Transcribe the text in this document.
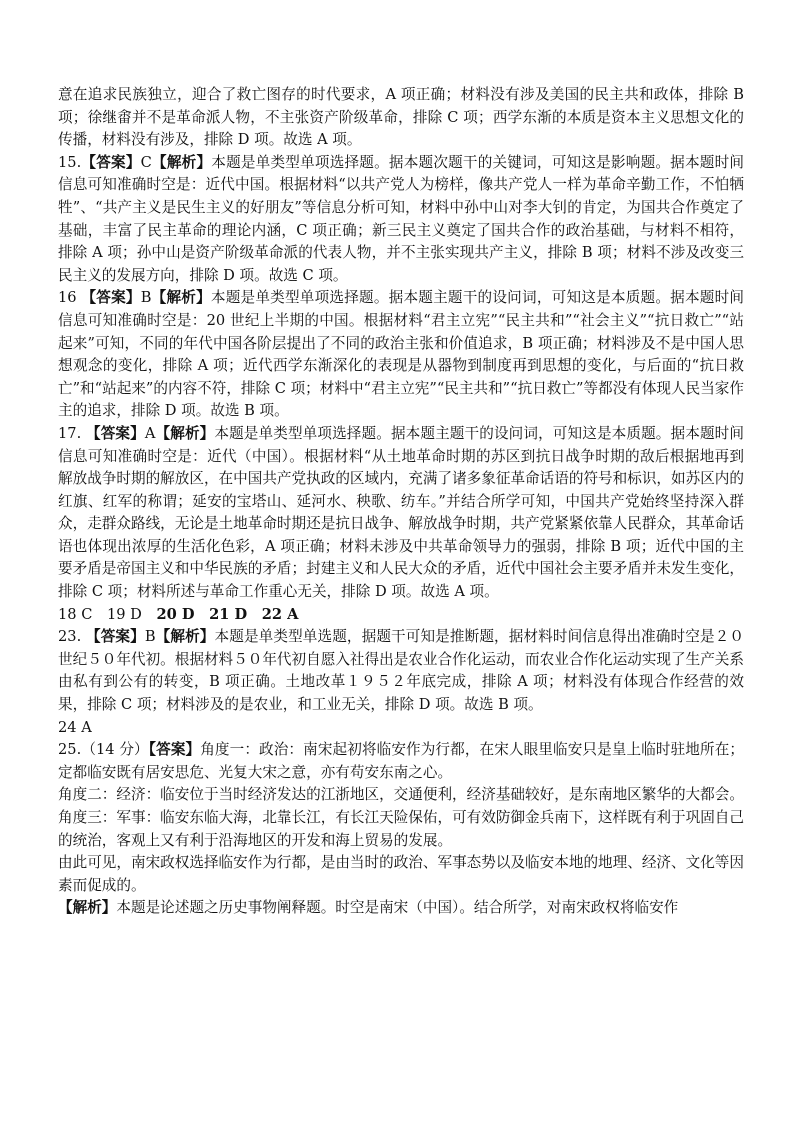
意在追求民族独立，迎合了救亡图存的时代要求，A 项正确；材料没有涉及美国的民主共和政体，排除 B 项；徐继畬并不是革命派人物，不主张资产阶级革命，排除 C 项；西学东渐的本质是资本主义思想文化的传播，材料没有涉及，排除 D 项。故选 A 项。

15.【答案】C【解析】本题是单类型单项选择题。据本题次题干的关键词，可知这是影响题。据本题时间信息可知准确时空是：近代中国。根据材料“以共产党人为榜样，像共产党人一样为革命辛勤工作，不怕牺牲”、“共产主义是民生主义的好朋友”等信息分析可知，材料中孙中山对李大钊的肯定，为国共合作奠定了基础，丰富了民主革命的理论内涵，C 项正确；新三民主义奠定了国共合作的政治基础，与材料不相符，排除 A 项；孙中山是资产阶级革命派的代表人物，并不主张实现共产主义，排除 B 项；材料不涉及改变三民主义的发展方向，排除 D 项。故选 C 项。

16 【答案】B【解析】本题是单类型单项选择题。据本题主题干的设问词，可知这是本质题。据本题时间信息可知准确时空是：20 世纪上半期的中国。根据材料“君主立宪”“民主共和”“社会主义”“抗日救亡”“站起来”可知，不同的年代中国各阶层提出了不同的政治主张和价值追求，B 项正确；材料涉及不是中国人思想观念的变化，排除 A 项；近代西学东渐深化的表现是从器物到制度再到思想的变化，与后面的“抗日救亡”和“站起来”的内容不符，排除 C 项；材料中“君主立宪”“民主共和”“抗日救亡”等都没有体现人民当家作主的追求，排除 D 项。故选 B 项。

17. 【答案】A【解析】本题是单类型单项选择题。据本题主题干的设问词，可知这是本质题。据本题时间信息可知准确时空是：近代（中国）。根据材料“从土地革命时期的苏区到抗日战争时期的敌后根据地再到解放战争时期的解放区，在中国共产党执政的区域内，充满了诸多象征革命话语的符号和标识，如苏区内的红旗、红军的称谓；延安的宝塔山、延河水、秧歌、纺车。”并结合所学可知，中国共产党始终坚持深入群众，走群众路线，无论是土地革命时期还是抗日战争、解放战争时期，共产党紧紧依靠人民群众，其革命话语也体现出浓厚的生活化色彩，A 项正确；材料未涉及中共革命领导力的强弱，排除 B 项；近代中国的主要矛盾是帝国主义和中华民族的矛盾；封建主义和人民大众的矛盾，近代中国社会主要矛盾并未发生变化，排除 C 项；材料所述与革命工作重心无关，排除 D 项。故选 A 项。

18 C　19 D　20 D　21 D　22 A

23. 【答案】B【解析】本题是单类型单选题，据题干可知是推断题，据材料时间信息得出准确时空是２０世纪５０年代初。根据材料５０年代初自愿入社得出是农业合作化运动，而农业合作化运动实现了生产关系由私有到公有的转变，B 项正确。土地改革１９５２年底完成，排除 A 项；材料没有体现合作经营的效果，排除 C 项；材料涉及的是农业，和工业无关，排除 D 项。故选 B 项。

24 A

25.（14 分）【答案】角度一：政治：南宋起初将临安作为行都，在宋人眼里临安只是皇上临时驻地所在；定都临安既有居安思危、光复大宋之意，亦有苟安东南之心。

角度二：经济：临安位于当时经济发达的江浙地区，交通便利，经济基础较好，是东南地区繁华的大都会。

角度三：军事：临安东临大海，北靠长江，有长江天险保佑，可有效防御金兵南下，这样既有利于巩固自己的统治，客观上又有利于沿海地区的开发和海上贸易的发展。

由此可见，南宋政权选择临安作为行都，是由当时的政治、军事态势以及临安本地的地理、经济、文化等因素而促成的。

【解析】本题是论述题之历史事物阐释题。时空是南宋（中国）。结合所学，对南宋政权将临安作
